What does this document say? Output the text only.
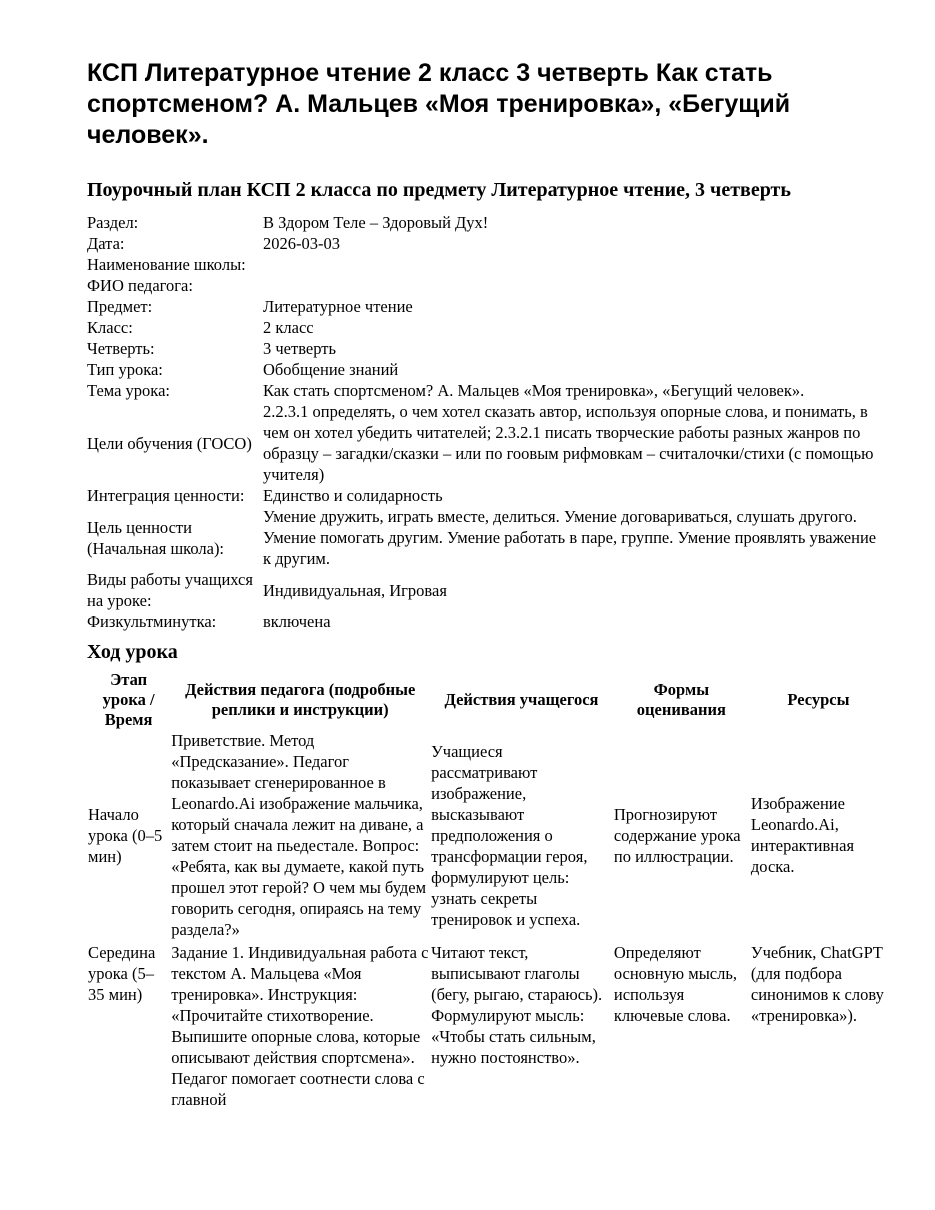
КСП Литературное чтение 2 класс 3 четверть Как стать спортсменом? А. Мальцев «Моя тренировка», «Бегущий человек».
Поурочный план КСП 2 класса по предмету Литературное чтение, 3 четверть
Раздел:	В Здором Теле – Здоровый Дух!
Дата:	2026-03-03
Наименование школы:	
ФИО педагога:	
Предмет:	Литературное чтение
Класс:	2 класс
Четверть:	3 четверть
Тип урока:	Обобщение знаний
Тема урока:	Как стать спортсменом? А. Мальцев «Моя тренировка», «Бегущий человек».
Цели обучения (ГОСО)	2.2.3.1 определять, о чем хотел сказать автор, используя опорные слова, и понимать, в чем он хотел убедить читателей; 2.3.2.1 писать творческие работы разных жанров по образцу – загадки/сказки – или по гоовым рифмовкам – считалочки/стихи (с помощью учителя)
Интеграция ценности:	Единство и солидарность
Цель ценности (Начальная школа):	Умение дружить, играть вместе, делиться. Умение договариваться, слушать другого. Умение помогать другим. Умение работать в паре, группе. Умение проявлять уважение к другим.
Виды работы учащихся на уроке:	Индивидуальная, Игровая
Физкультминутка:	включена
Ход урока
Этап урока / Время	Действия педагога (подробные реплики и инструкции)	Действия учащегося	Формы оценивания	Ресурсы
Начало урока (0–5 мин)	Приветствие. Метод «Предсказание». Педагог показывает сгенерированное в Leonardo.Ai изображение мальчика, который сначала лежит на диване, а затем стоит на пьедестале. Вопрос: «Ребята, как вы думаете, какой путь прошел этот герой? О чем мы будем говорить сегодня, опираясь на тему раздела?»	Учащиеся рассматривают изображение, высказывают предположения о трансформации героя, формулируют цель: узнать секреты тренировок и успеха.	Прогнозируют содержание урока по иллюстрации.	Изображение Leonardo.Ai, интерактивная доска.
Середина урока (5–35 мин)	Задание 1. Индивидуальная работа с текстом А. Мальцева «Моя тренировка». Инструкция: «Прочитайте стихотворение. Выпишите опорные слова, которые описывают действия спортсмена». Педагог помогает соотнести слова с главной	Читают текст, выписывают глаголы (бегу, рыгаю, стараюсь). Формулируют мысль: «Чтобы стать сильным, нужно постоянство».	Определяют основную мысль, используя ключевые слова.	Учебник, ChatGPT (для подбора синонимов к слову «тренировка»).
